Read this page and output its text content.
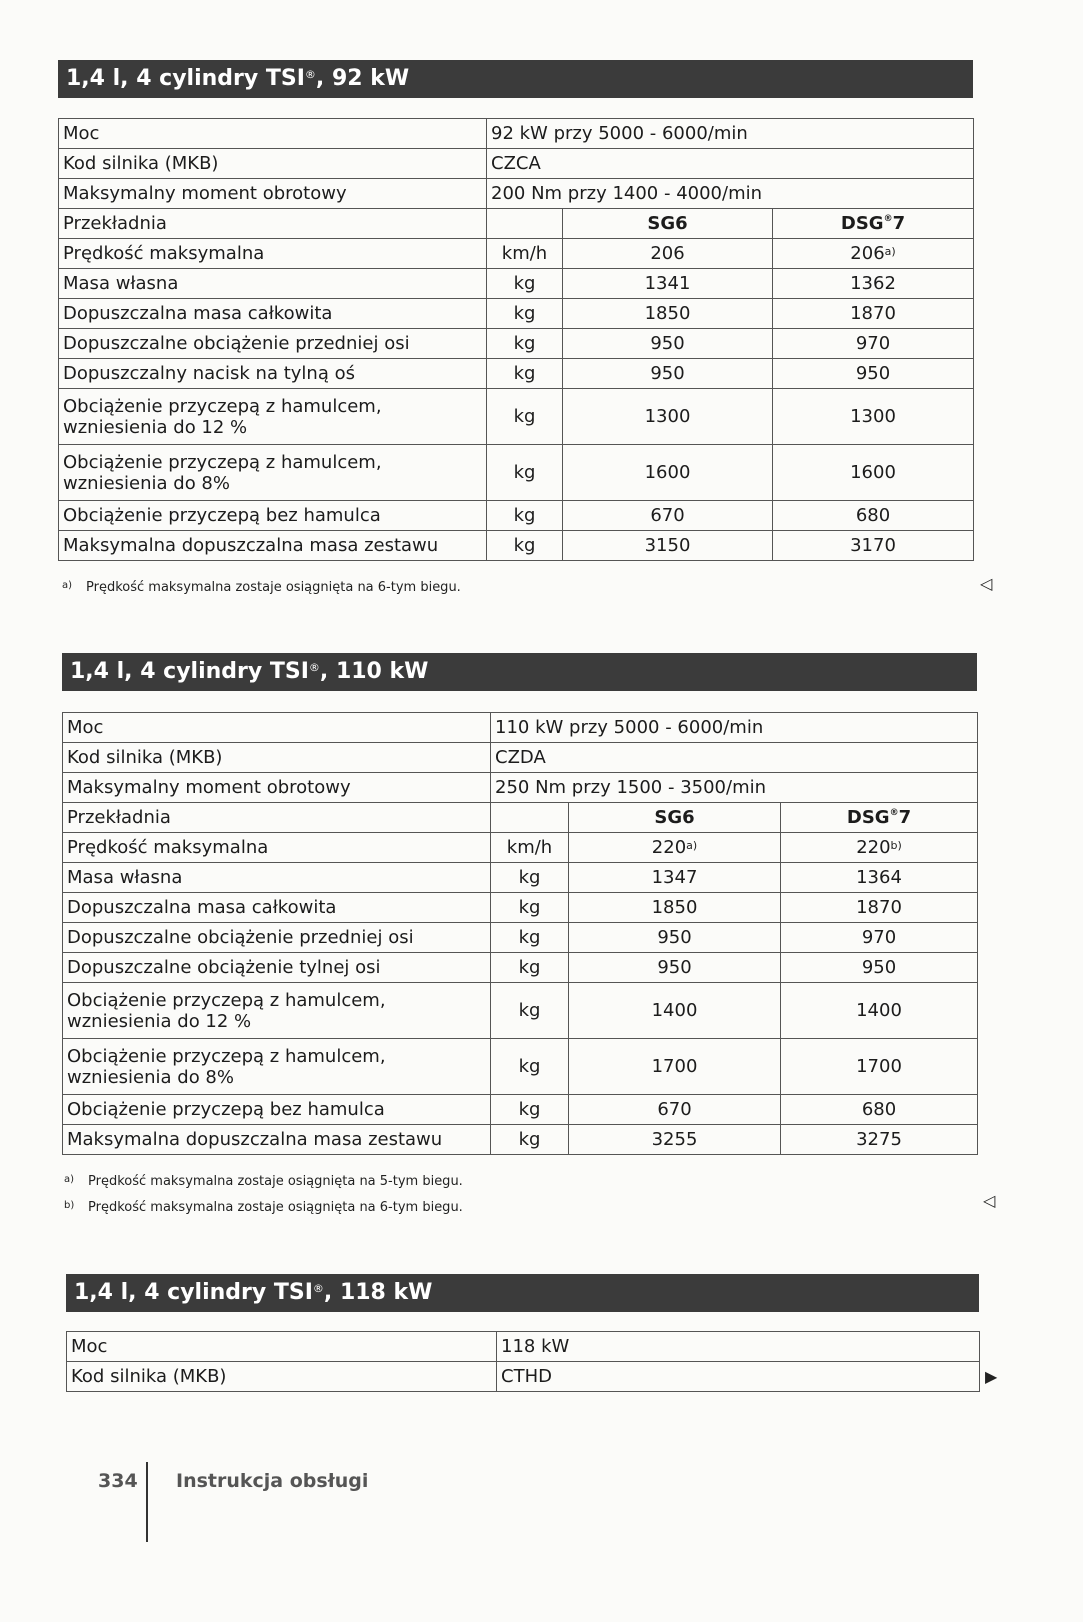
1,4 l, 4 cylindry TSI®, 92 kW
Moc	92 kW przy 5000 - 6000/min		
Kod silnika (MKB)	CZCA		
Maksymalny moment obrotowy	200 Nm przy 1400 - 4000/min		
Przekładnia		SG6	DSG®7
Prędkość maksymalna	km/h	206	206$^{a)}$
Masa własna	kg	1341	1362
Dopuszczalna masa całkowita	kg	1850	1870
Dopuszczalne obciążenie przedniej osi	kg	950	970
Dopuszczalny nacisk na tylną oś	kg	950	950
Obciążenie przyczepą z hamulcem, wzniesienia do 12 %	kg	1300	1300
Obciążenie przyczepą z hamulcem, wzniesienia do 8%	kg	1600	1600
Obciążenie przyczepą bez hamulca	kg	670	680
Maksymalna dopuszczalna masa zestawu	kg	3150	3170
a) Prędkość maksymalna zostaje osiągnięta na 6-tym biegu.	◁
1,4 l, 4 cylindry TSI®, 110 kW
Moc	110 kW przy 5000 - 6000/min		
Kod silnika (MKB)	CZDA		
Maksymalny moment obrotowy	250 Nm przy 1500 - 3500/min		
Przekładnia		SG6	DSG®7
Prędkość maksymalna	km/h	220$^{a)}$	220$^{b)}$
Masa własna	kg	1347	1364
Dopuszczalna masa całkowita	kg	1850	1870
Dopuszczalne obciążenie przedniej osi	kg	950	970
Dopuszczalne obciążenie tylnej osi	kg	950	950
Obciążenie przyczepą z hamulcem, wzniesienia do 12 %	kg	1400	1400
Obciążenie przyczepą z hamulcem, wzniesienia do 8%	kg	1700	1700
Obciążenie przyczepą bez hamulca	kg	670	680
Maksymalna dopuszczalna masa zestawu	kg	3255	3275
a) Prędkość maksymalna zostaje osiągnięta na 5-tym biegu.
b) Prędkość maksymalna zostaje osiągnięta na 6-tym biegu.	◁
1,4 l, 4 cylindry TSI®, 118 kW
Moc	118 kW
Kod silnika (MKB)	CTHD	▶
334 Instrukcja obsługi
